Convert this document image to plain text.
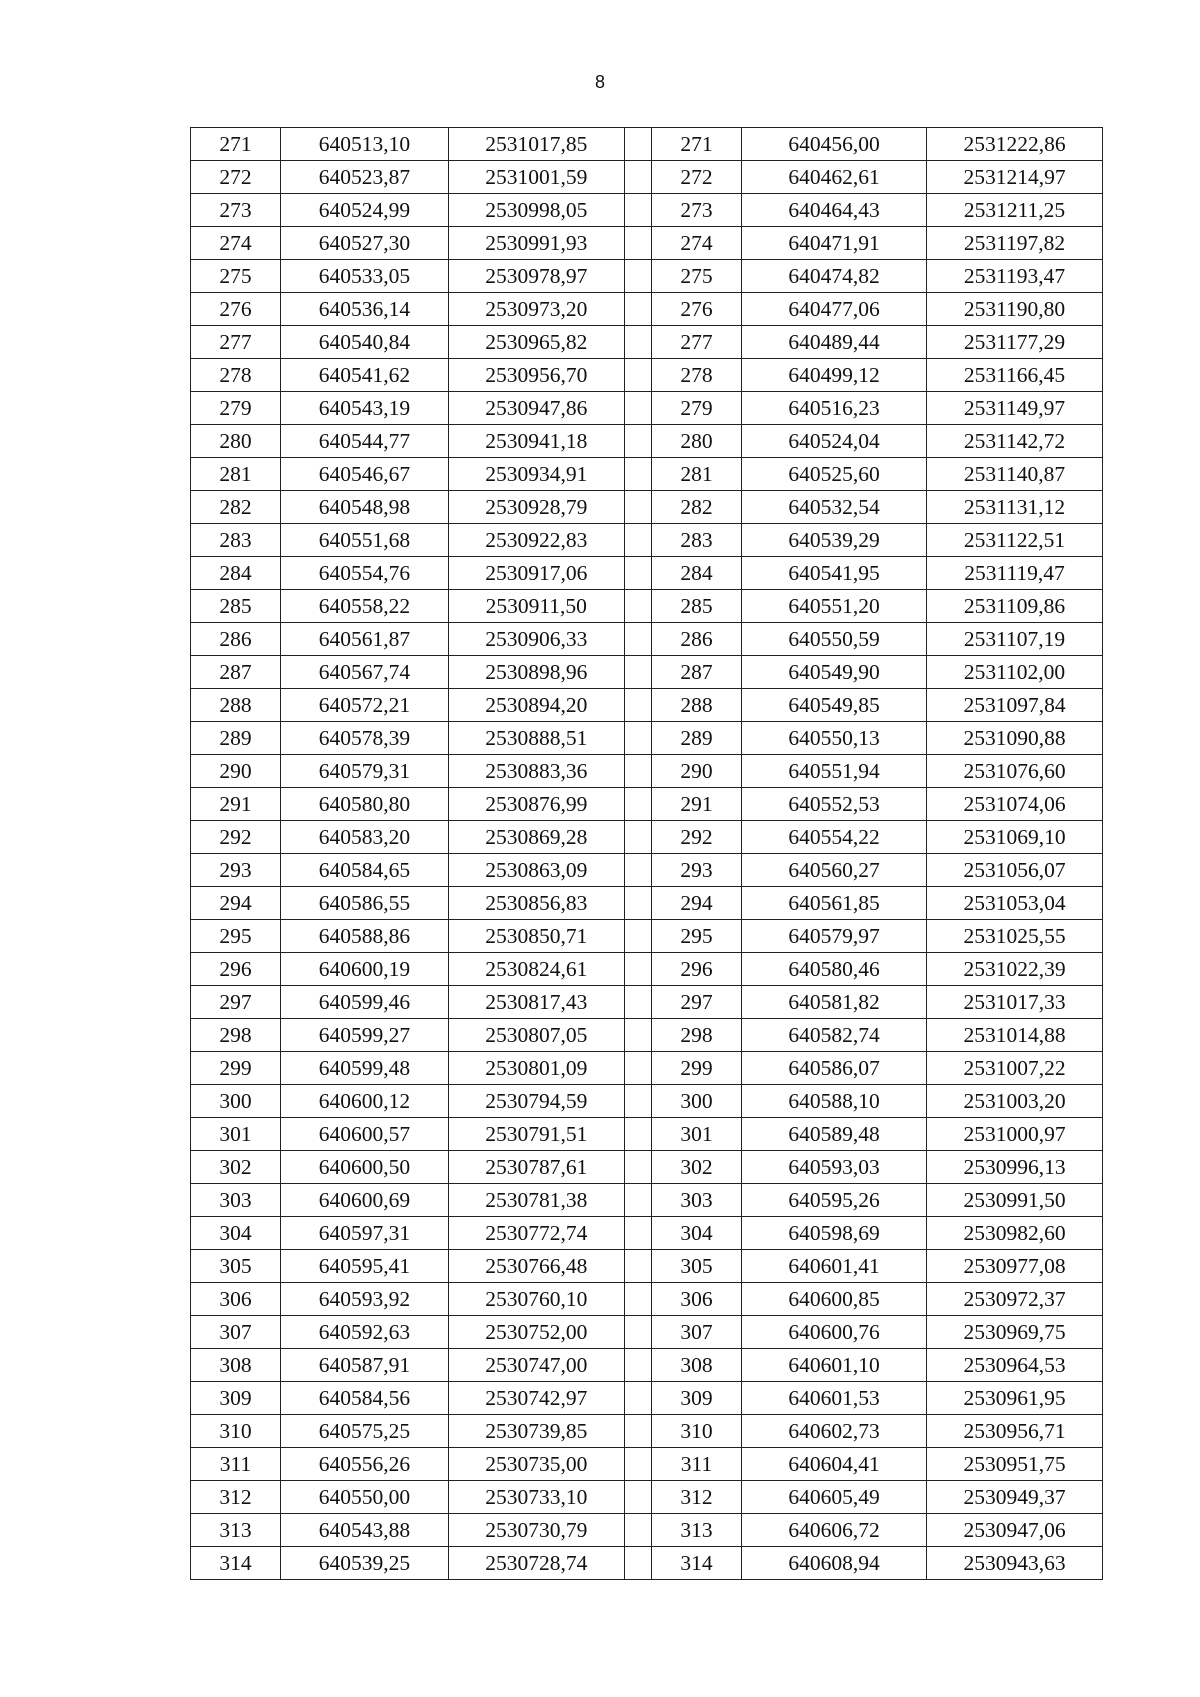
8
271	640513,10	2531017,85		271	640456,00	2531222,86
272	640523,87	2531001,59		272	640462,61	2531214,97
273	640524,99	2530998,05		273	640464,43	2531211,25
274	640527,30	2530991,93		274	640471,91	2531197,82
275	640533,05	2530978,97		275	640474,82	2531193,47
276	640536,14	2530973,20		276	640477,06	2531190,80
277	640540,84	2530965,82		277	640489,44	2531177,29
278	640541,62	2530956,70		278	640499,12	2531166,45
279	640543,19	2530947,86		279	640516,23	2531149,97
280	640544,77	2530941,18		280	640524,04	2531142,72
281	640546,67	2530934,91		281	640525,60	2531140,87
282	640548,98	2530928,79		282	640532,54	2531131,12
283	640551,68	2530922,83		283	640539,29	2531122,51
284	640554,76	2530917,06		284	640541,95	2531119,47
285	640558,22	2530911,50		285	640551,20	2531109,86
286	640561,87	2530906,33		286	640550,59	2531107,19
287	640567,74	2530898,96		287	640549,90	2531102,00
288	640572,21	2530894,20		288	640549,85	2531097,84
289	640578,39	2530888,51		289	640550,13	2531090,88
290	640579,31	2530883,36		290	640551,94	2531076,60
291	640580,80	2530876,99		291	640552,53	2531074,06
292	640583,20	2530869,28		292	640554,22	2531069,10
293	640584,65	2530863,09		293	640560,27	2531056,07
294	640586,55	2530856,83		294	640561,85	2531053,04
295	640588,86	2530850,71		295	640579,97	2531025,55
296	640600,19	2530824,61		296	640580,46	2531022,39
297	640599,46	2530817,43		297	640581,82	2531017,33
298	640599,27	2530807,05		298	640582,74	2531014,88
299	640599,48	2530801,09		299	640586,07	2531007,22
300	640600,12	2530794,59		300	640588,10	2531003,20
301	640600,57	2530791,51		301	640589,48	2531000,97
302	640600,50	2530787,61		302	640593,03	2530996,13
303	640600,69	2530781,38		303	640595,26	2530991,50
304	640597,31	2530772,74		304	640598,69	2530982,60
305	640595,41	2530766,48		305	640601,41	2530977,08
306	640593,92	2530760,10		306	640600,85	2530972,37
307	640592,63	2530752,00		307	640600,76	2530969,75
308	640587,91	2530747,00		308	640601,10	2530964,53
309	640584,56	2530742,97		309	640601,53	2530961,95
310	640575,25	2530739,85		310	640602,73	2530956,71
311	640556,26	2530735,00		311	640604,41	2530951,75
312	640550,00	2530733,10		312	640605,49	2530949,37
313	640543,88	2530730,79		313	640606,72	2530947,06
314	640539,25	2530728,74		314	640608,94	2530943,63
